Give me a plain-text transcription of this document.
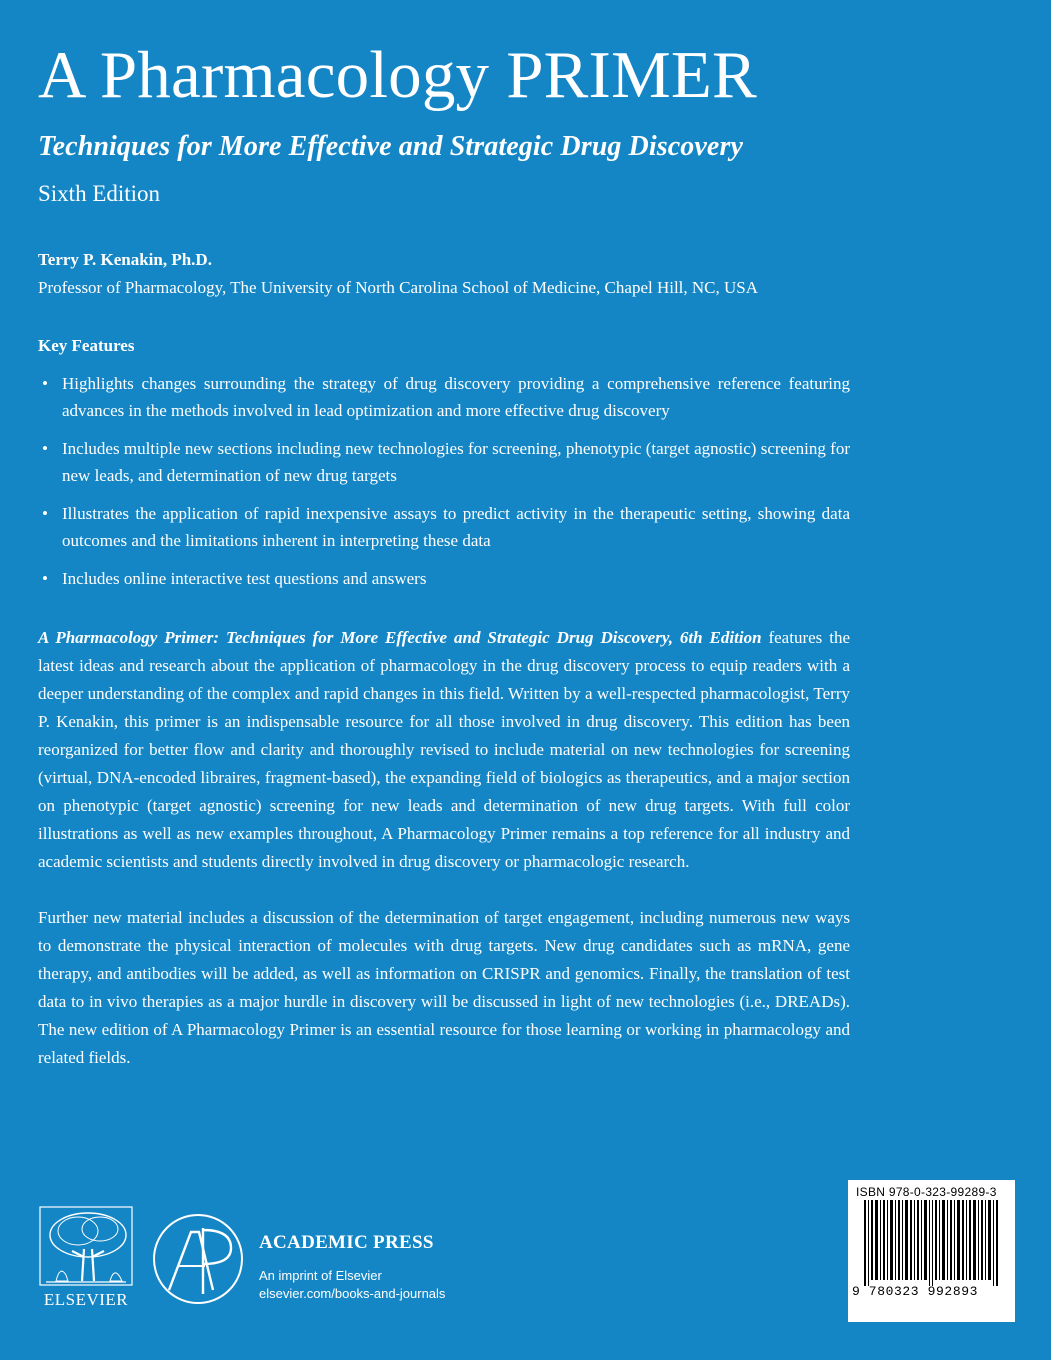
A Pharmacology PRIMER
Techniques for More Effective and Strategic Drug Discovery
Sixth Edition
Terry P. Kenakin, Ph.D.
Professor of Pharmacology, The University of North Carolina School of Medicine, Chapel Hill, NC, USA
Key Features
• Highlights changes surrounding the strategy of drug discovery providing a comprehensive reference featuring advances in the methods involved in lead optimization and more effective drug discovery
• Includes multiple new sections including new technologies for screening, phenotypic (target agnostic) screening for new leads, and determination of new drug targets
• Illustrates the application of rapid inexpensive assays to predict activity in the therapeutic setting, showing data outcomes and the limitations inherent in interpreting these data
• Includes online interactive test questions and answers

A Pharmacology Primer: Techniques for More Effective and Strategic Drug Discovery, 6th Edition features the latest ideas and research about the application of pharmacology in the drug discovery process to equip readers with a deeper understanding of the complex and rapid changes in this field. Written by a well-respected pharmacologist, Terry P. Kenakin, this primer is an indispensable resource for all those involved in drug discovery. This edition has been reorganized for better flow and clarity and thoroughly revised to include material on new technologies for screening (virtual, DNA-encoded libraires, fragment-based), the expanding field of biologics as therapeutics, and a major section on phenotypic (target agnostic) screening for new leads and determination of new drug targets. With full color illustrations as well as new examples throughout, A Pharmacology Primer remains a top reference for all industry and academic scientists and students directly involved in drug discovery or pharmacologic research.

Further new material includes a discussion of the determination of target engagement, including numerous new ways to demonstrate the physical interaction of molecules with drug targets. New drug candidates such as mRNA, gene therapy, and antibodies will be added, as well as information on CRISPR and genomics. Finally, the translation of test data to in vivo therapies as a major hurdle in discovery will be discussed in light of new technologies (i.e., DREADs). The new edition of A Pharmacology Primer is an essential resource for those learning or working in pharmacology and related fields.

ELSEVIER
ACADEMIC PRESS
An imprint of Elsevier
elsevier.com/books-and-journals
ISBN 978-0-323-99289-3
9 780323 992893
